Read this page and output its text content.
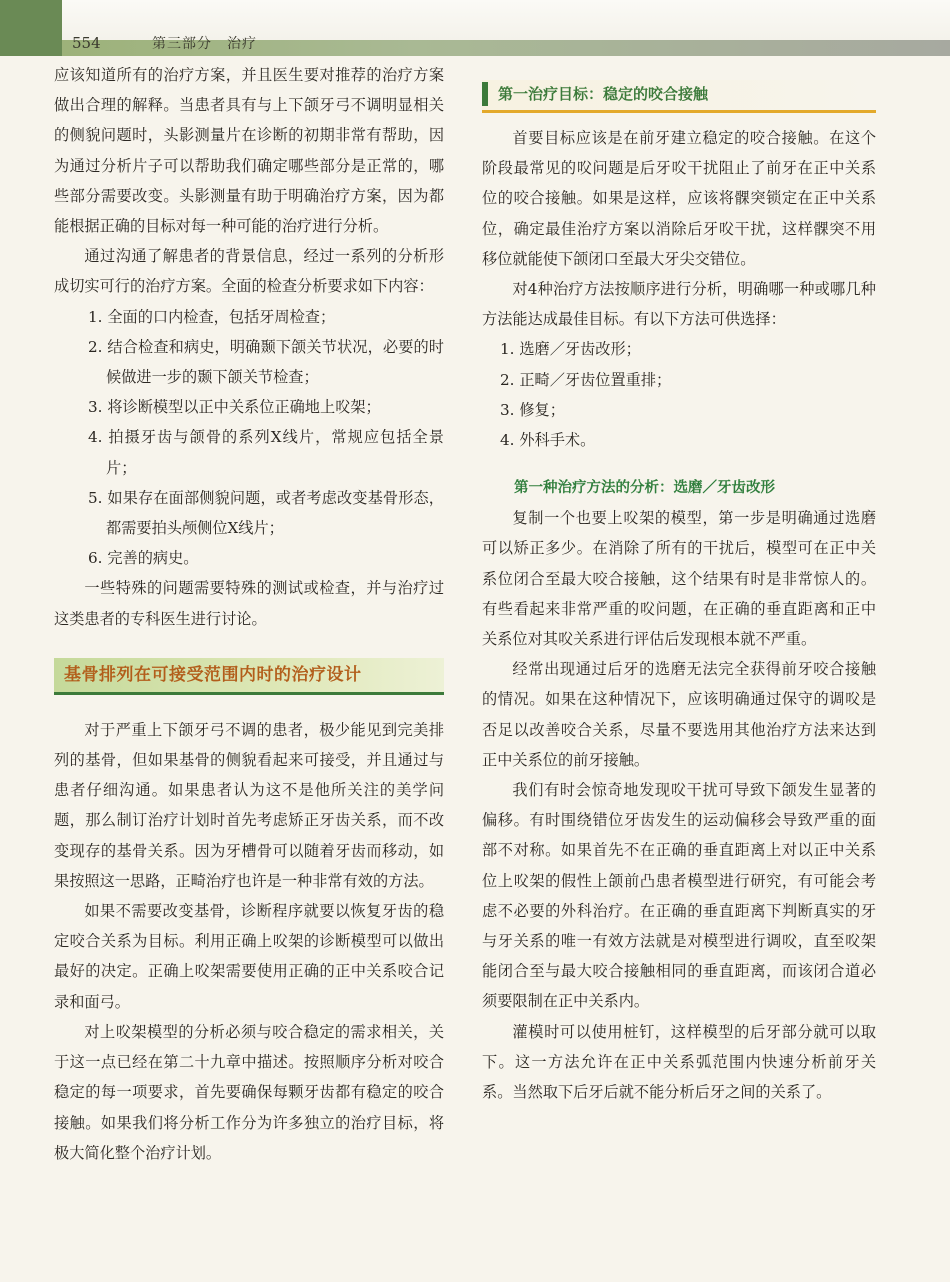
554	第三部分　治疗

应该知道所有的治疗方案，并且医生要对推荐的治疗方案做出合理的解释。当患者具有与上下颌牙弓不调明显相关的侧貌问题时，头影测量片在诊断的初期非常有帮助，因为通过分析片子可以帮助我们确定哪些部分是正常的，哪些部分需要改变。头影测量有助于明确治疗方案，因为都能根据正确的目标对每一种可能的治疗进行分析。

通过沟通了解患者的背景信息，经过一系列的分析形成切实可行的治疗方案。全面的检查分析要求如下内容：

1. 全面的口内检查，包括牙周检查；
2. 结合检查和病史，明确颞下颌关节状况，必要的时候做进一步的颞下颌关节检查；
3. 将诊断模型以正中关系位正确地上㕮架；
4. 拍摄牙齿与颌骨的系列X线片，常规应包括全景片；
5. 如果存在面部侧貌问题，或者考虑改变基骨形态，都需要拍头颅侧位X线片；
6. 完善的病史。

一些特殊的问题需要特殊的测试或检查，并与治疗过这类患者的专科医生进行讨论。

基骨排列在可接受范围内时的治疗设计

对于严重上下颌牙弓不调的患者，极少能见到完美排列的基骨，但如果基骨的侧貌看起来可接受，并且通过与患者仔细沟通。如果患者认为这不是他所关注的美学问题，那么制订治疗计划时首先考虑矫正牙齿关系，而不改变现存的基骨关系。因为牙槽骨可以随着牙齿而移动，如果按照这一思路，正畸治疗也许是一种非常有效的方法。

如果不需要改变基骨，诊断程序就要以恢复牙齿的稳定咬合关系为目标。利用正确上㕮架的诊断模型可以做出最好的决定。正确上㕮架需要使用正确的正中关系咬合记录和面弓。

对上㕮架模型的分析必须与咬合稳定的需求相关，关于这一点已经在第二十九章中描述。按照顺序分析对咬合稳定的每一项要求，首先要确保每颗牙齿都有稳定的咬合接触。如果我们将分析工作分为许多独立的治疗目标，将极大简化整个治疗计划。

第一治疗目标：稳定的咬合接触

首要目标应该是在前牙建立稳定的咬合接触。在这个阶段最常见的㕮问题是后牙㕮干扰阻止了前牙在正中关系位的咬合接触。如果是这样，应该将髁突锁定在正中关系位，确定最佳治疗方案以消除后牙㕮干扰，这样髁突不用移位就能使下颌闭口至最大牙尖交错位。

对4种治疗方法按顺序进行分析，明确哪一种或哪几种方法能达成最佳目标。有以下方法可供选择：

1. 选磨／牙齿改形；
2. 正畸／牙齿位置重排；
3. 修复；
4. 外科手术。
第一种治疗方法的分析：选磨／牙齿改形

复制一个也要上㕮架的模型，第一步是明确通过选磨可以矫正多少。在消除了所有的干扰后，模型可在正中关系位闭合至最大咬合接触，这个结果有时是非常惊人的。有些看起来非常严重的㕮问题，在正确的垂直距离和正中关系位对其㕮关系进行评估后发现根本就不严重。

经常出现通过后牙的选磨无法完全获得前牙咬合接触的情况。如果在这种情况下，应该明确通过保守的调㕮是否足以改善咬合关系，尽量不要选用其他治疗方法来达到正中关系位的前牙接触。

我们有时会惊奇地发现㕮干扰可导致下颌发生显著的偏移。有时围绕错位牙齿发生的运动偏移会导致严重的面部不对称。如果首先不在正确的垂直距离上对以正中关系位上㕮架的假性上颌前凸患者模型进行研究，有可能会考虑不必要的外科治疗。在正确的垂直距离下判断真实的牙与牙关系的唯一有效方法就是对模型进行调㕮，直至㕮架能闭合至与最大咬合接触相同的垂直距离，而该闭合道必须要限制在正中关系内。

灌模时可以使用桩钉，这样模型的后牙部分就可以取下。这一方法允许在正中关系弧范围内快速分析前牙关系。当然取下后牙后就不能分析后牙之间的关系了。
